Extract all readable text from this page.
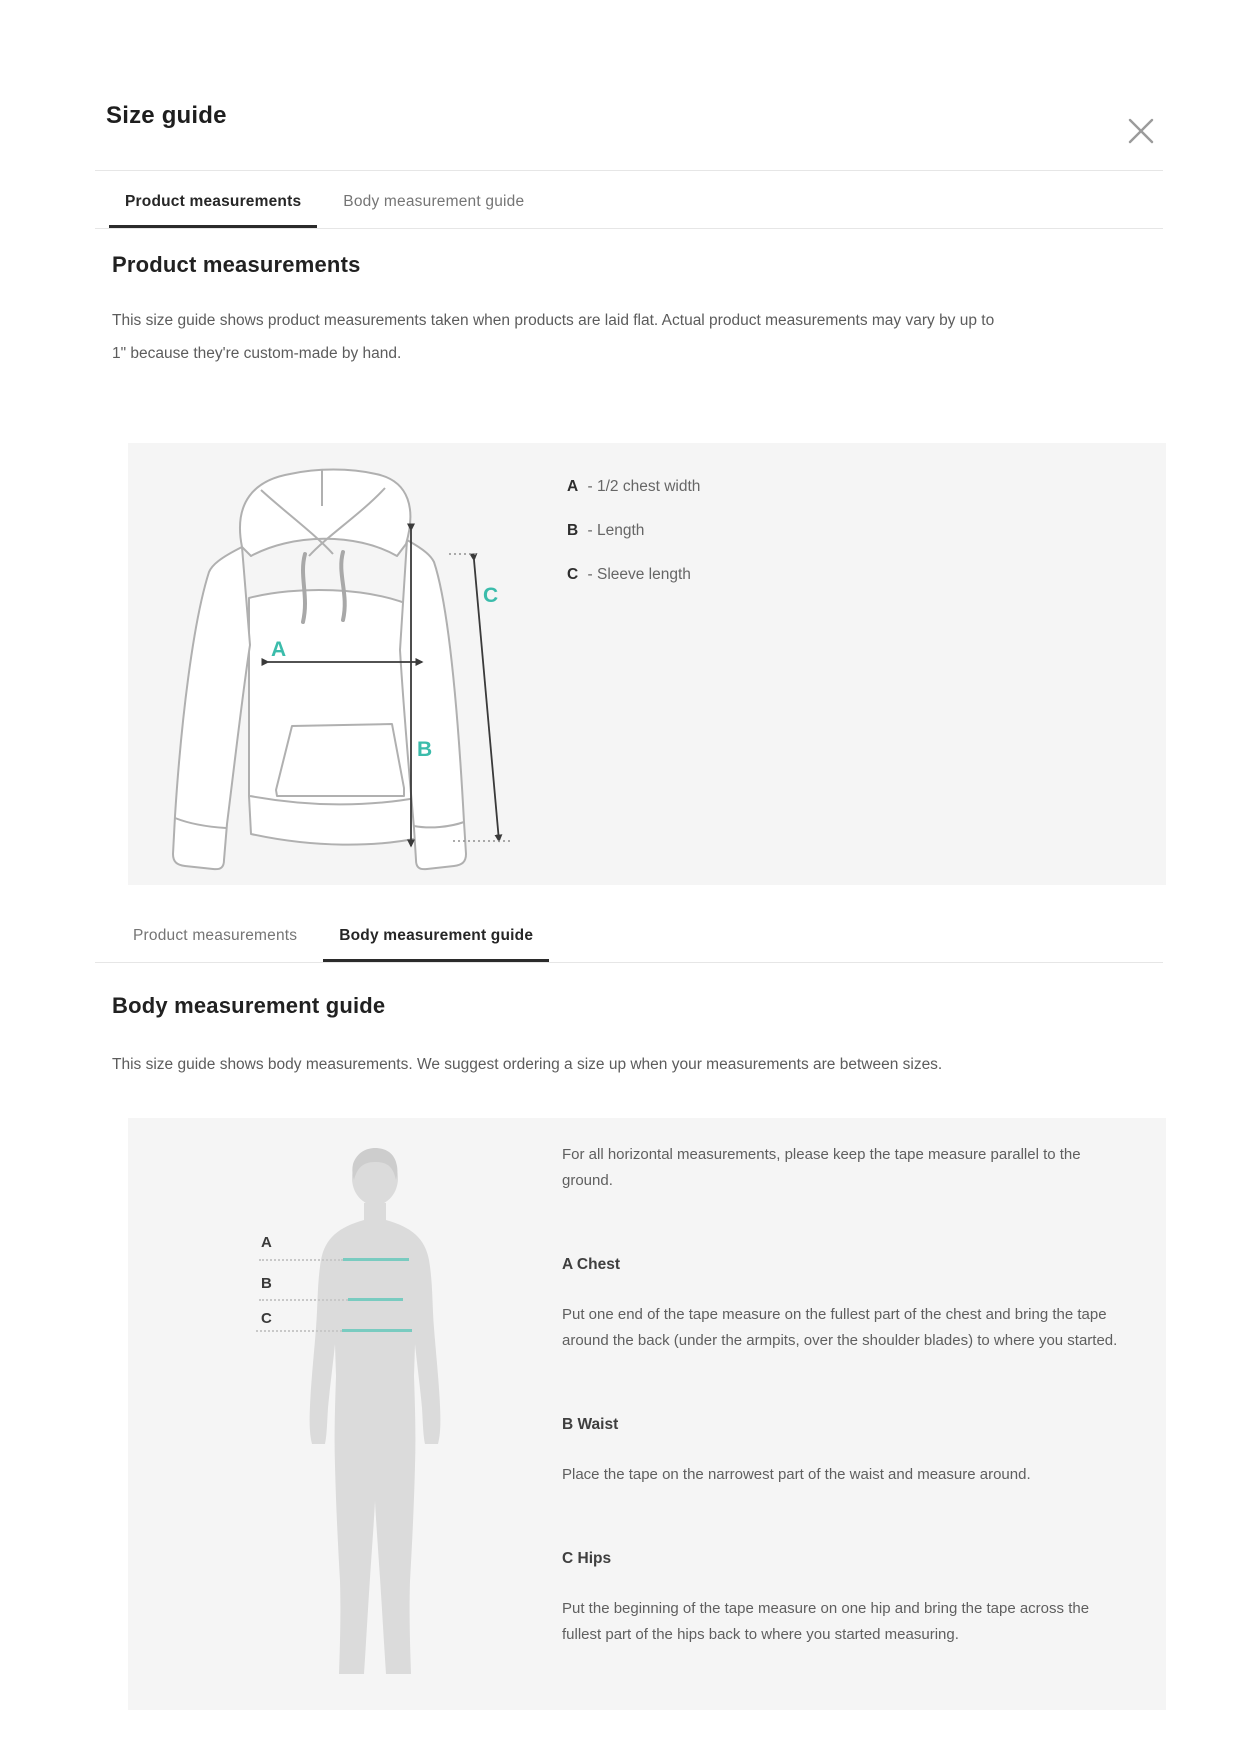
Size guide
Product measurements	Body measurement guide
Product measurements

This size guide shows product measurements taken when products are laid flat. Actual product measurements may vary by up to 1" because they're custom-made by hand.

A
B
C
A - 1/2 chest width
B - Length
C - Sleeve length
Product measurements	Body measurement guide
Body measurement guide

This size guide shows body measurements. We suggest ordering a size up when your measurements are between sizes.

A
B
C

For all horizontal measurements, please keep the tape measure parallel to the ground.

A Chest

Put one end of the tape measure on the fullest part of the chest and bring the tape around the back (under the armpits, over the shoulder blades) to where you started.

B Waist

Place the tape on the narrowest part of the waist and measure around.

C Hips

Put the beginning of the tape measure on one hip and bring the tape across the fullest part of the hips back to where you started measuring.
